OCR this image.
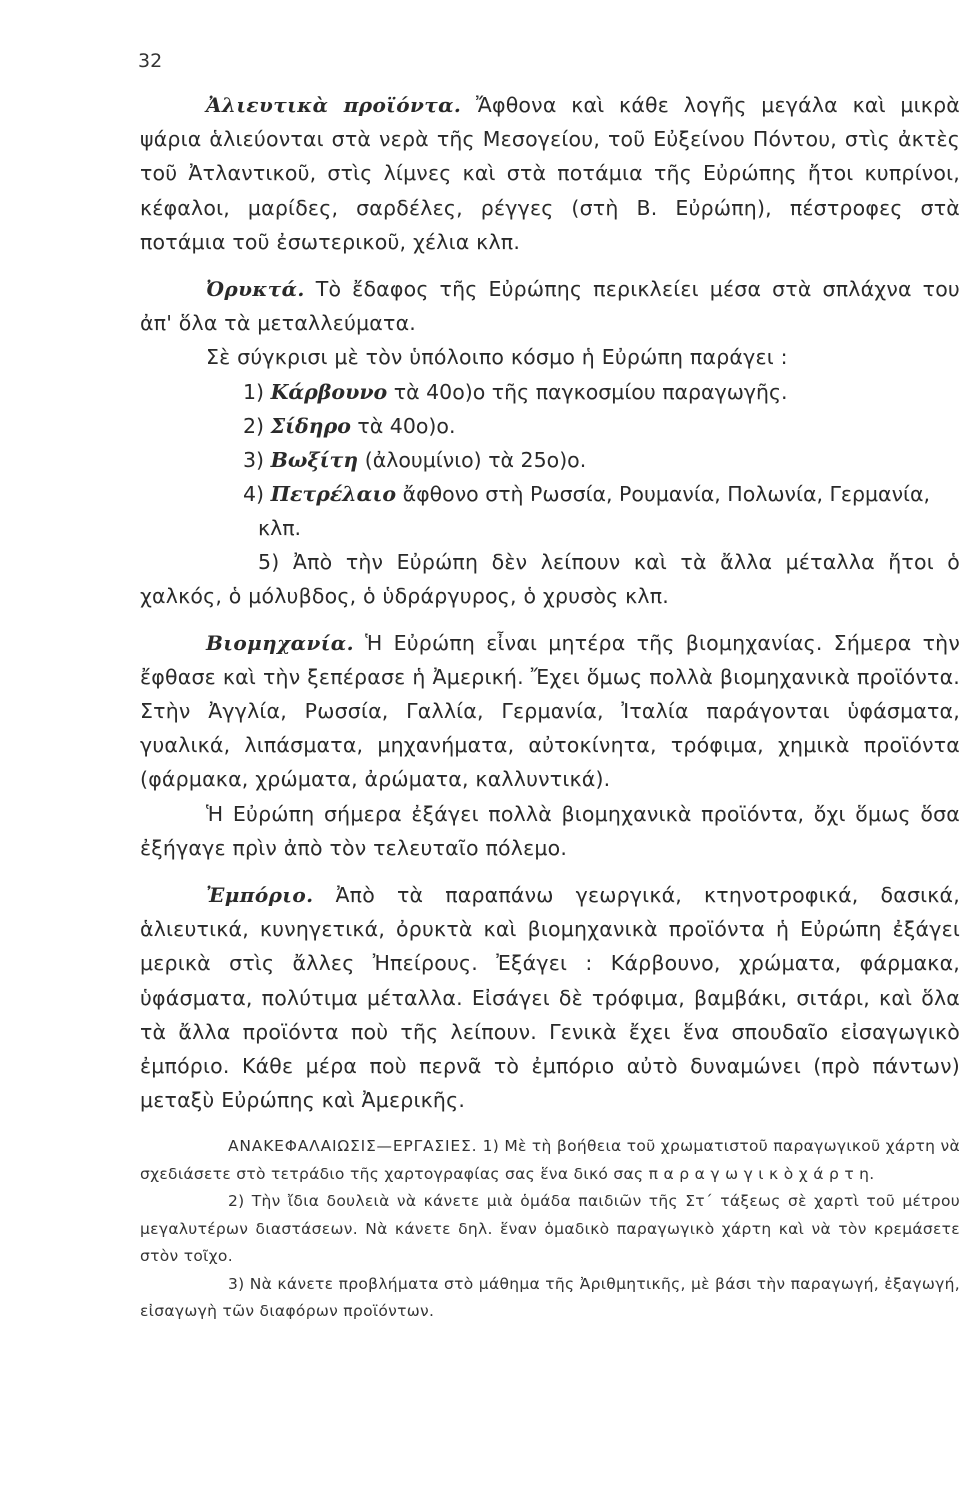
32

Ἀλιευτικὰ προϊόντα. Ἄφθονα καὶ κάθε λογῆς μεγάλα καὶ μικρὰ ψάρια ἁλιεύονται στὰ νερὰ τῆς Μεσογείου, τοῦ Εὐξείνου Πόντου, στὶς ἀκτὲς τοῦ Ἀτλαντικοῦ, στὶς λίμνες καὶ στὰ ποτάμια τῆς Εὐρώπης ἤτοι κυπρίνοι, κέφαλοι, μαρίδες, σαρδέλες, ρέγγες (στὴ Β. Εὐρώπη), πέστροφες στὰ ποτάμια τοῦ ἐσωτερικοῦ, χέλια κλπ.

Ὀρυκτά. Τὸ ἔδαφος τῆς Εὐρώπης περικλείει μέσα στὰ σπλάχνα του ἀπ' ὅλα τὰ μεταλλεύματα.

Σὲ σύγκρισι μὲ τὸν ὑπόλοιπο κόσμο ἡ Εὐρώπη παράγει :

1) Κάρβουνο τὰ 40ο)ο τῆς παγκοσμίου παραγωγῆς.

2) Σίδηρο τὰ 40ο)ο.

3) Βωξίτη (ἀλουμίνιο) τὰ 25ο)ο.

4) Πετρέλαιο ἄφθονο στὴ Ρωσσία, Ρουμανία, Πολωνία, Γερμανία, κλπ.

5) Ἀπὸ τὴν Εὐρώπη δὲν λείπουν καὶ τὰ ἄλλα μέταλλα ἤτοι ὁ χαλκός, ὁ μόλυβδος, ὁ ὑδράργυρος, ὁ χρυσὸς κλπ.

Βιομηχανία. Ἡ Εὐρώπη εἶναι μητέρα τῆς βιομηχανίας. Σήμερα τὴν ἔφθασε καὶ τὴν ξεπέρασε ἡ Ἀμερική. Ἔχει ὅμως πολλὰ βιομηχανικὰ προϊόντα. Στὴν Ἀγγλία, Ρωσσία, Γαλλία, Γερμανία, Ἰταλία παράγονται ὑφάσματα, γυαλικά, λιπάσματα, μηχανήματα, αὐτοκίνητα, τρόφιμα, χημικὰ προϊόντα (φάρμακα, χρώματα, ἀρώματα, καλλυντικά).

Ἡ Εὐρώπη σήμερα ἐξάγει πολλὰ βιομηχανικὰ προϊόντα, ὄχι ὅμως ὅσα ἐξήγαγε πρὶν ἀπὸ τὸν τελευταῖο πόλεμο.

Ἐμπόριο. Ἀπὸ τὰ παραπάνω γεωργικά, κτηνοτροφικά, δασικά, ἁλιευτικά, κυνηγετικά, ὀρυκτὰ καὶ βιομηχανικὰ προϊόντα ἡ Εὐρώπη ἐξάγει μερικὰ στὶς ἄλλες Ἠπείρους. Ἐξάγει : Κάρβουνο, χρώματα, φάρμακα, ὑφάσματα, πολύτιμα μέταλλα. Εἰσάγει δὲ τρόφιμα, βαμβάκι, σιτάρι, καὶ ὅλα τὰ ἄλλα προϊόντα ποὺ τῆς λείπουν. Γενικὰ ἔχει ἕνα σπουδαῖο εἰσαγωγικὸ ἐμπόριο. Κάθε μέρα ποὺ περνᾶ τὸ ἐμπόριο αὐτὸ δυναμώνει (πρὸ πάντων) μεταξὺ Εὐρώπης καὶ Ἀμερικῆς.

ΑΝΑΚΕΦΑΛΑΙΩΣΙΣ—ΕΡΓΑΣΙΕΣ. 1) Μὲ τὴ βοήθεια τοῦ χρωματιστοῦ παραγωγικοῦ χάρτη νὰ σχεδιάσετε στὸ τετράδιο τῆς χαρτογραφίας σας ἕνα δικό σας π α ρ α γ ω γ ι κ ὸ χ ά ρ τ η.

2) Τὴν ἴδια δουλειὰ νὰ κάνετε μιὰ ὁμάδα παιδιῶν τῆς Στ΄ τάξεως σὲ χαρτὶ τοῦ μέτρου μεγαλυτέρων διαστάσεων. Νὰ κάνετε δηλ. ἕναν ὁμαδικὸ παραγωγικὸ χάρτη καὶ νὰ τὸν κρεμάσετε στὸν τοῖχο.

3) Νὰ κάνετε προβλήματα στὸ μάθημα τῆς Ἀριθμητικῆς, μὲ βάσι τὴν παραγωγή, ἐξαγωγή, εἰσαγωγὴ τῶν διαφόρων προϊόντων.
